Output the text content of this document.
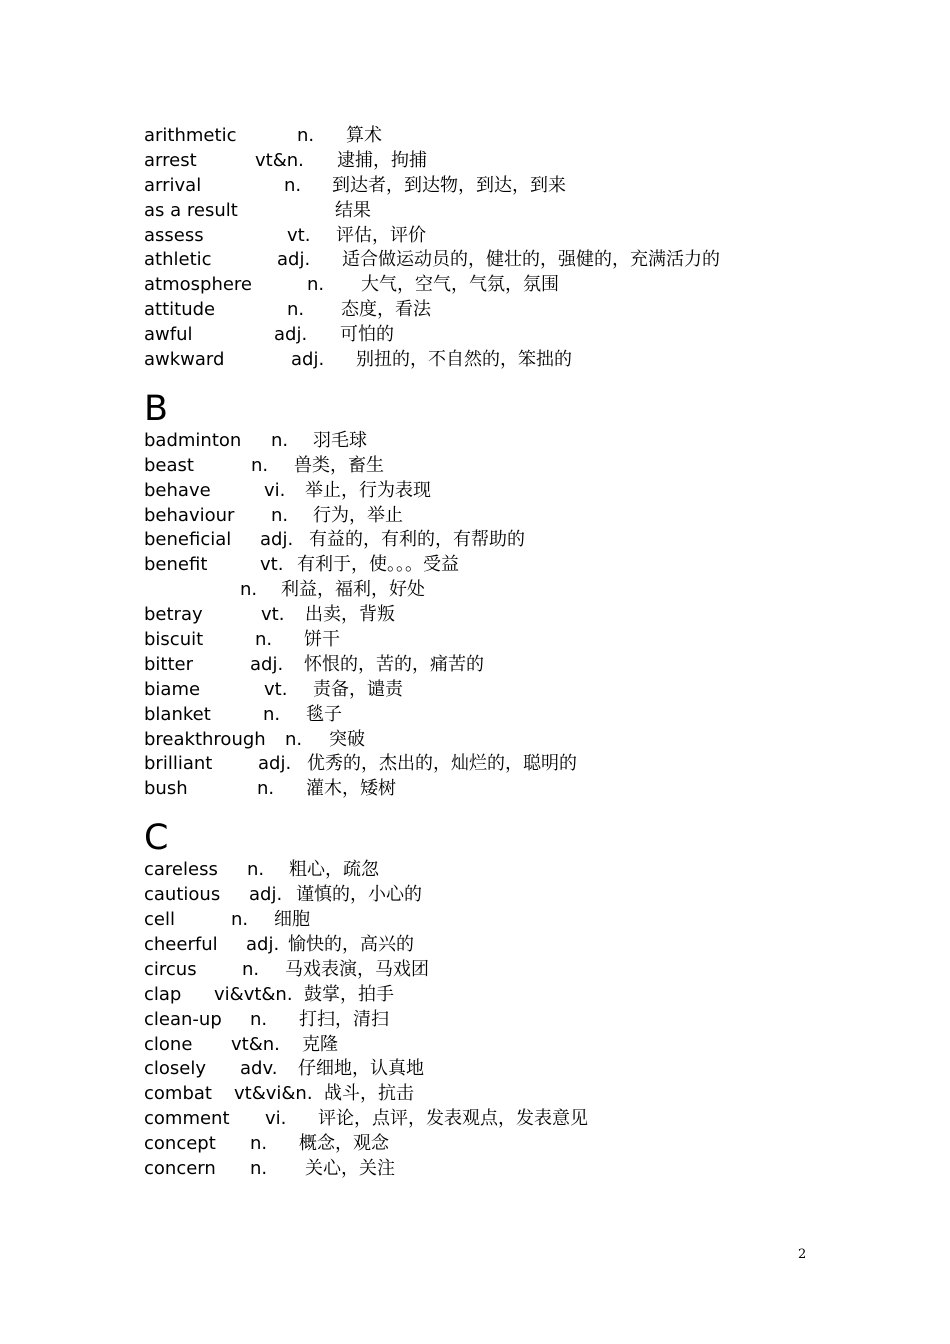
arithmetic	n. 算术
arrest	vt&n. 逮捕，拘捕
arrival	n. 到达者，到达物，到达，到来
as a result	结果
assess	vt. 评估，评价
athletic	adj. 适合做运动员的，健壮的，强健的，充满活力的
atmosphere	n. 大气，空气，气氛，氛围
attitude	n. 态度，看法
awful	adj. 可怕的
awkward	adj. 别扭的，不自然的，笨拙的
B
badminton n. 羽毛球
beast	n. 兽类，畜生
behave	vi. 举止，行为表现
behaviour n. 行为，举止
beneficial adj. 有益的，有利的，有帮助的
benefit	vt. 有利于，使。。。受益
n. 利益，福利，好处
betray	vt. 出卖，背叛
biscuit	n. 饼干
bitter	adj. 怀恨的，苦的，痛苦的
biame	vt. 责备，谴责
blanket	n. 毯子
breakthrough n. 突破
brilliant	adj. 优秀的，杰出的，灿烂的，聪明的
bush	n. 灌木，矮树
C
careless n. 粗心，疏忽
cautious adj. 谨慎的，小心的
cell	n. 细胞
cheerful adj. 愉快的，高兴的
circus	n. 马戏表演，马戏团
clap vi&vt&n. 鼓掌，拍手
clean-up n. 打扫，清扫
clone vt&n. 克隆
closely adv. 仔细地，认真地
combat vt&vi&n. 战斗，抗击
comment vi. 评论，点评，发表观点，发表意见
concept n. 概念，观念
concern n. 关心，关注
2
